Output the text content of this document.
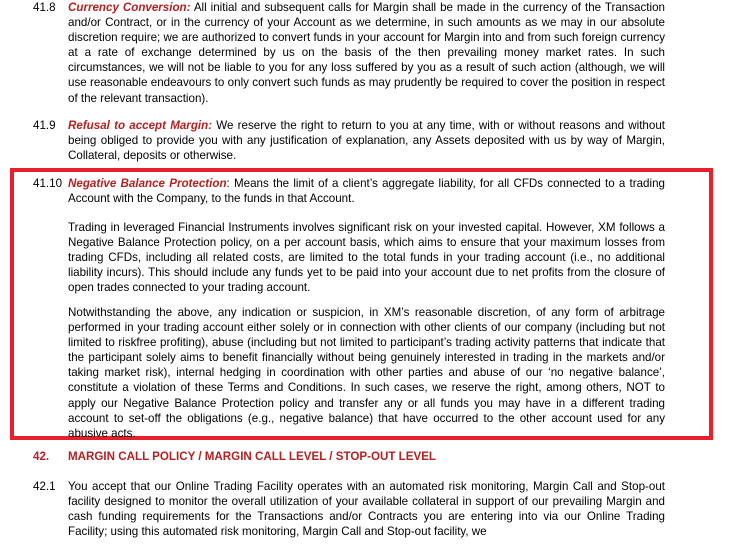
41.8 Currency Conversion: All initial and subsequent calls for Margin shall be made in the currency of the Transaction and/or Contract, or in the currency of your Account as we determine, in such amounts as we may in our absolute discretion require; we are authorized to convert funds in your account for Margin into and from such foreign currency at a rate of exchange determined by us on the basis of the then prevailing money market rates. In such circumstances, we will not be liable to you for any loss suffered by you as a result of such action (although, we will use reasonable endeavours to only convert such funds as may prudently be required to cover the position in respect of the relevant transaction).

41.9 Refusal to accept Margin: We reserve the right to return to you at any time, with or without reasons and without being obliged to provide you with any justification of explanation, any Assets deposited with us by way of Margin, Collateral, deposits or otherwise.

41.10 Negative Balance Protection: Means the limit of a client’s aggregate liability, for all CFDs connected to a trading Account with the Company, to the funds in that Account.

Trading in leveraged Financial Instruments involves significant risk on your invested capital. However, XM follows a Negative Balance Protection policy, on a per account basis, which aims to ensure that your maximum losses from trading CFDs, including all related costs, are limited to the total funds in your trading account (i.e., no additional liability incurs). This should include any funds yet to be paid into your account due to net profits from the closure of open trades connected to your trading account.

Notwithstanding the above, any indication or suspicion, in XM’s reasonable discretion, of any form of arbitrage performed in your trading account either solely or in connection with other clients of our company (including but not limited to riskfree profiting), abuse (including but not limited to participant’s trading activity patterns that indicate that the participant solely aims to benefit financially without being genuinely interested in trading in the markets and/or taking market risk), internal hedging in coordination with other parties and abuse of our ‘no negative balance’, constitute a violation of these Terms and Conditions. In such cases, we reserve the right, among others, NOT to apply our Negative Balance Protection policy and transfer any or all funds you may have in a different trading account to set-off the obligations (e.g., negative balance) that have occurred to the other account used for any abusive acts.

42. MARGIN CALL POLICY / MARGIN CALL LEVEL / STOP-OUT LEVEL
42.1 You accept that our Online Trading Facility operates with an automated risk monitoring, Margin Call and Stop-out facility designed to monitor the overall utilization of your available collateral in support of our prevailing Margin and cash funding requirements for the Transactions and/or Contracts you are entering into via our Online Trading Facility; using this automated risk monitoring, Margin Call and Stop-out facility, we
